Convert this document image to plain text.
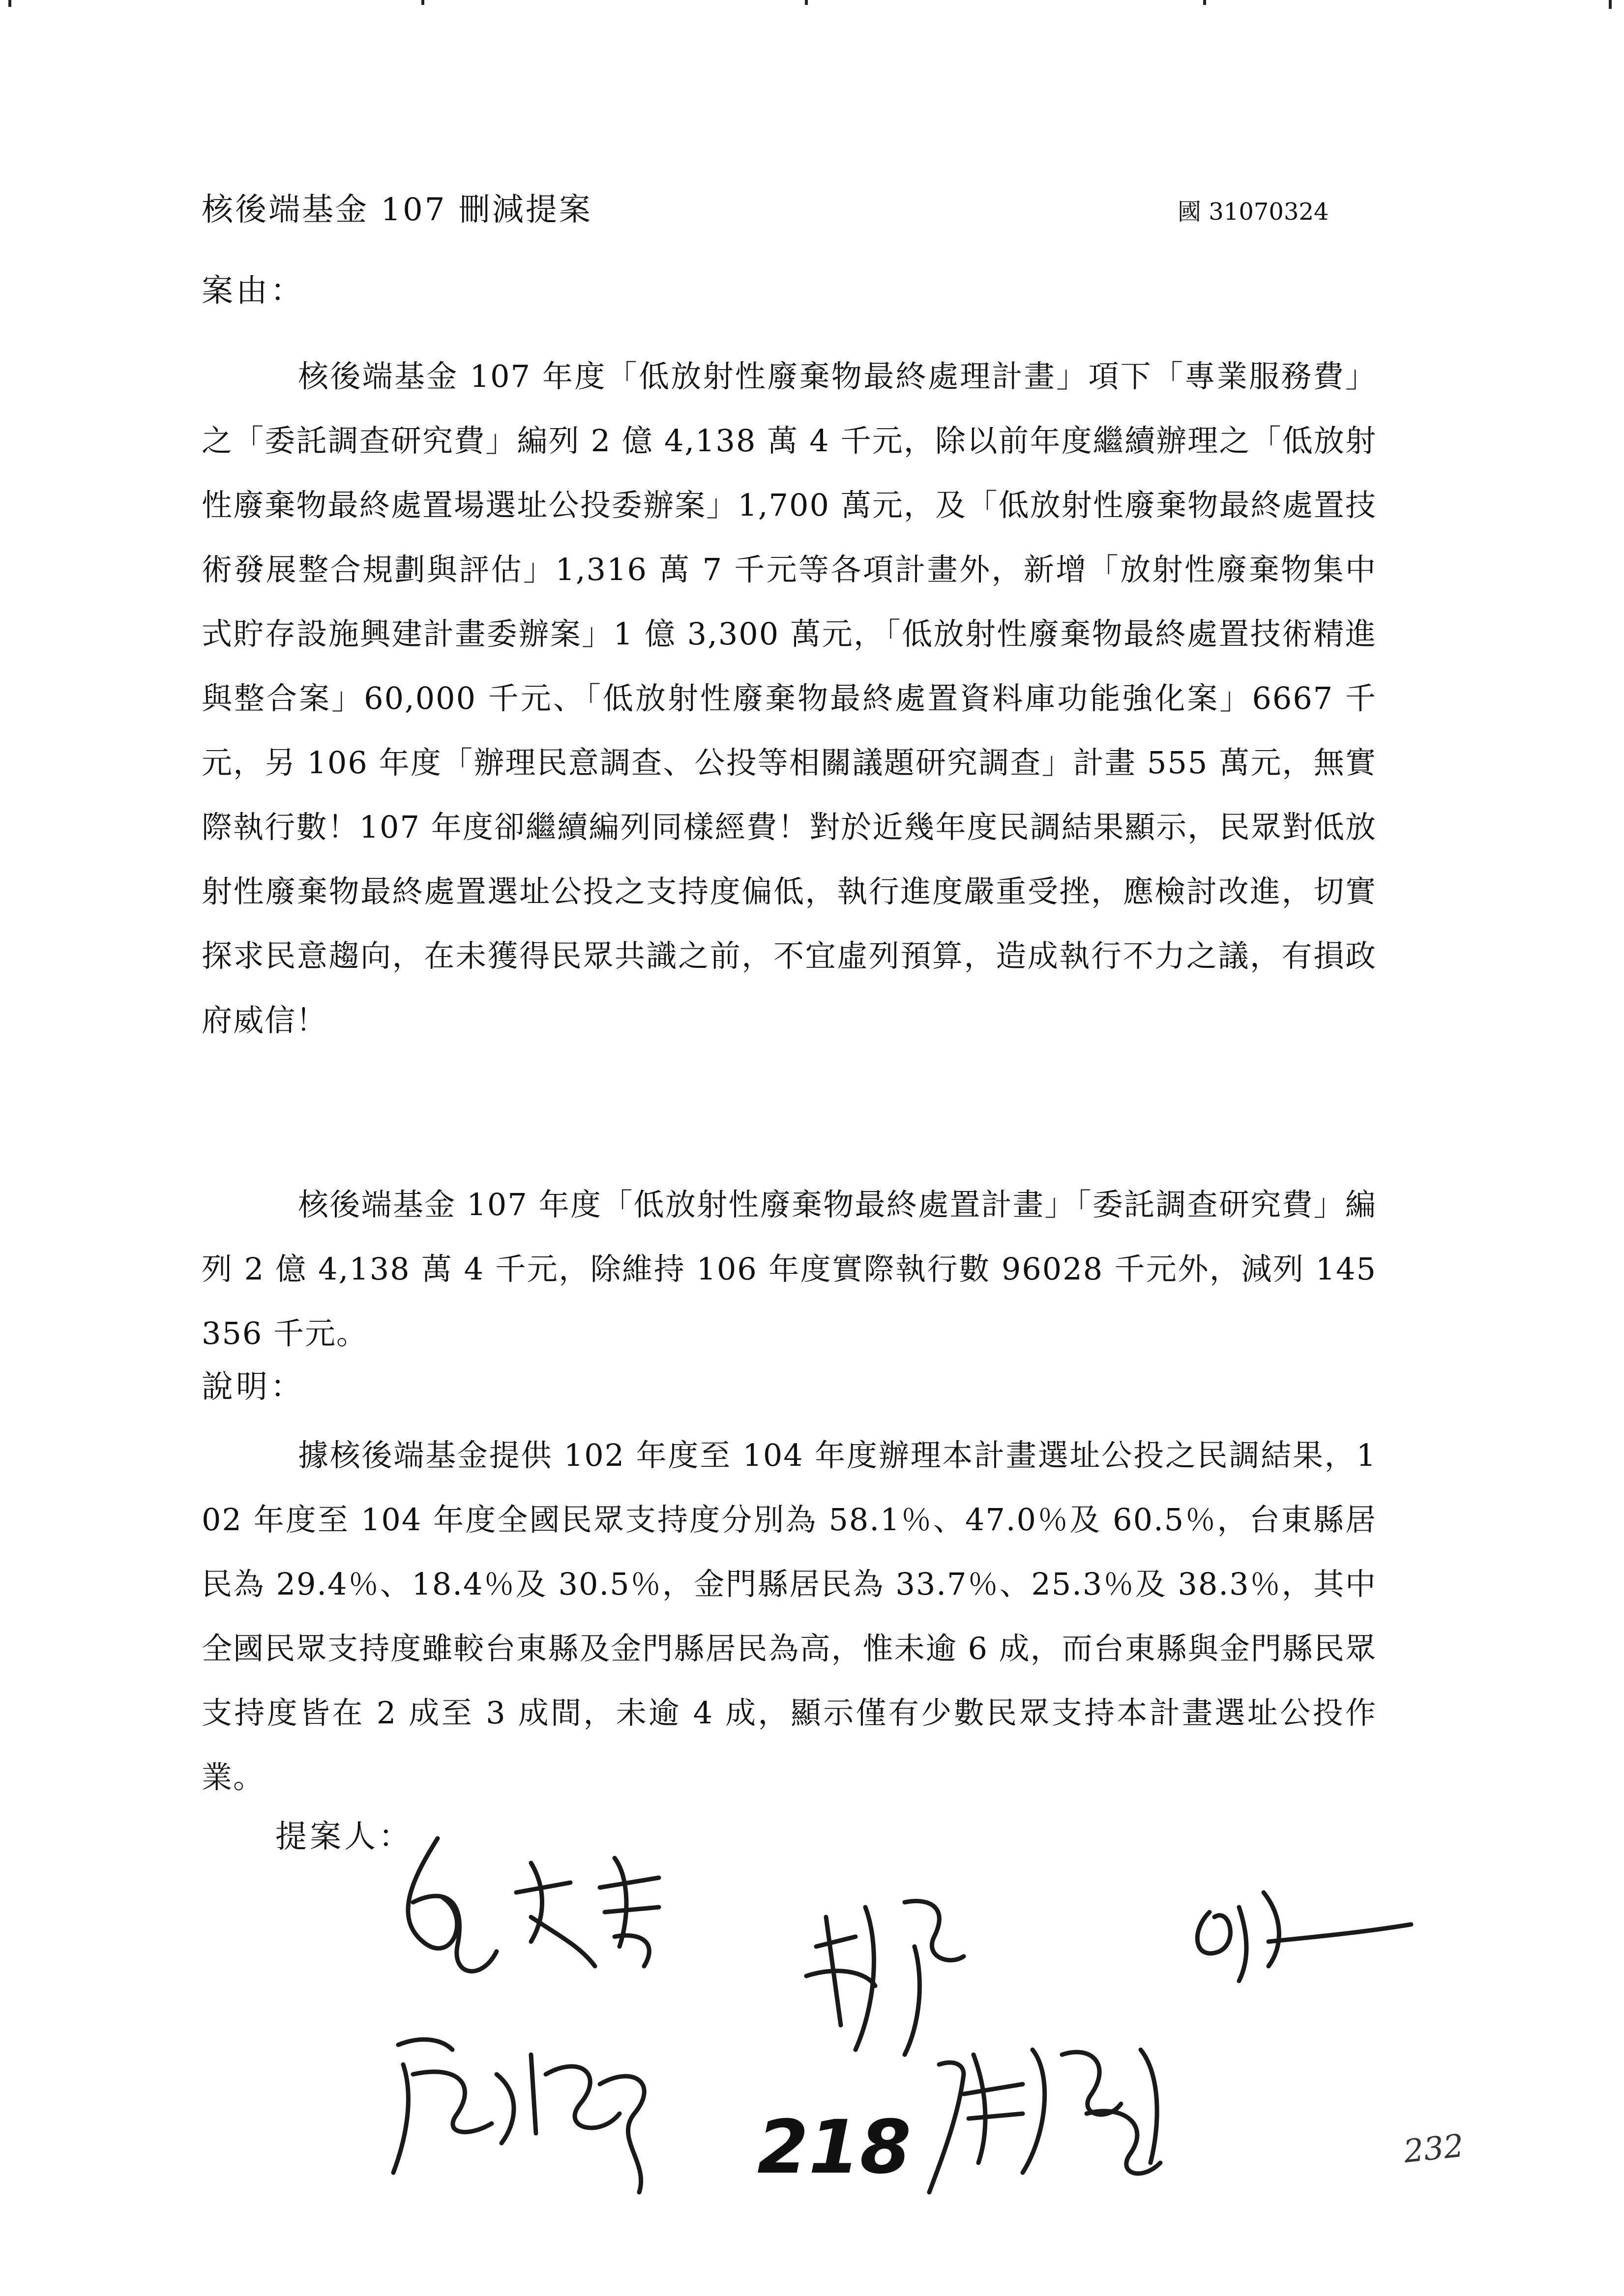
核後端基金 107 刪減提案	國 31070324
案由：

核後端基金 107 年度「低放射性廢棄物最終處理計畫」項下「專業服務費」之「委託調查研究費」編列 2 億 4,138 萬 4 千元，除以前年度繼續辦理之「低放射性廢棄物最終處置場選址公投委辦案」1,700 萬元，及「低放射性廢棄物最終處置技術發展整合規劃與評估」1,316 萬 7 千元等各項計畫外，新增「放射性廢棄物集中式貯存設施興建計畫委辦案」1 億 3,300 萬元，「低放射性廢棄物最終處置技術精進與整合案」60,000 千元、「低放射性廢棄物最終處置資料庫功能強化案」6667 千元，另 106 年度「辦理民意調查、公投等相關議題研究調查」計畫 555 萬元，無實際執行數！107 年度卻繼續編列同樣經費！對於近幾年度民調結果顯示，民眾對低放射性廢棄物最終處置選址公投之支持度偏低，執行進度嚴重受挫，應檢討改進，切實探求民意趨向，在未獲得民眾共識之前，不宜虛列預算，造成執行不力之議，有損政府威信！

核後端基金 107 年度「低放射性廢棄物最終處置計畫」「委託調查研究費」編列 2 億 4,138 萬 4 千元，除維持 106 年度實際執行數 96028 千元外，減列 145356 千元。

說明：

據核後端基金提供 102 年度至 104 年度辦理本計畫選址公投之民調結果，102 年度至 104 年度全國民眾支持度分別為 58.1％、47.0％及 60.5％，台東縣居民為 29.4％、18.4％及 30.5％，金門縣居民為 33.7％、25.3％及 38.3％，其中全國民眾支持度雖較台東縣及金門縣居民為高，惟未逾 6 成，而台東縣與金門縣民眾支持度皆在 2 成至 3 成間，未逾 4 成，顯示僅有少數民眾支持本計畫選址公投作業。

提案人：
218	232
